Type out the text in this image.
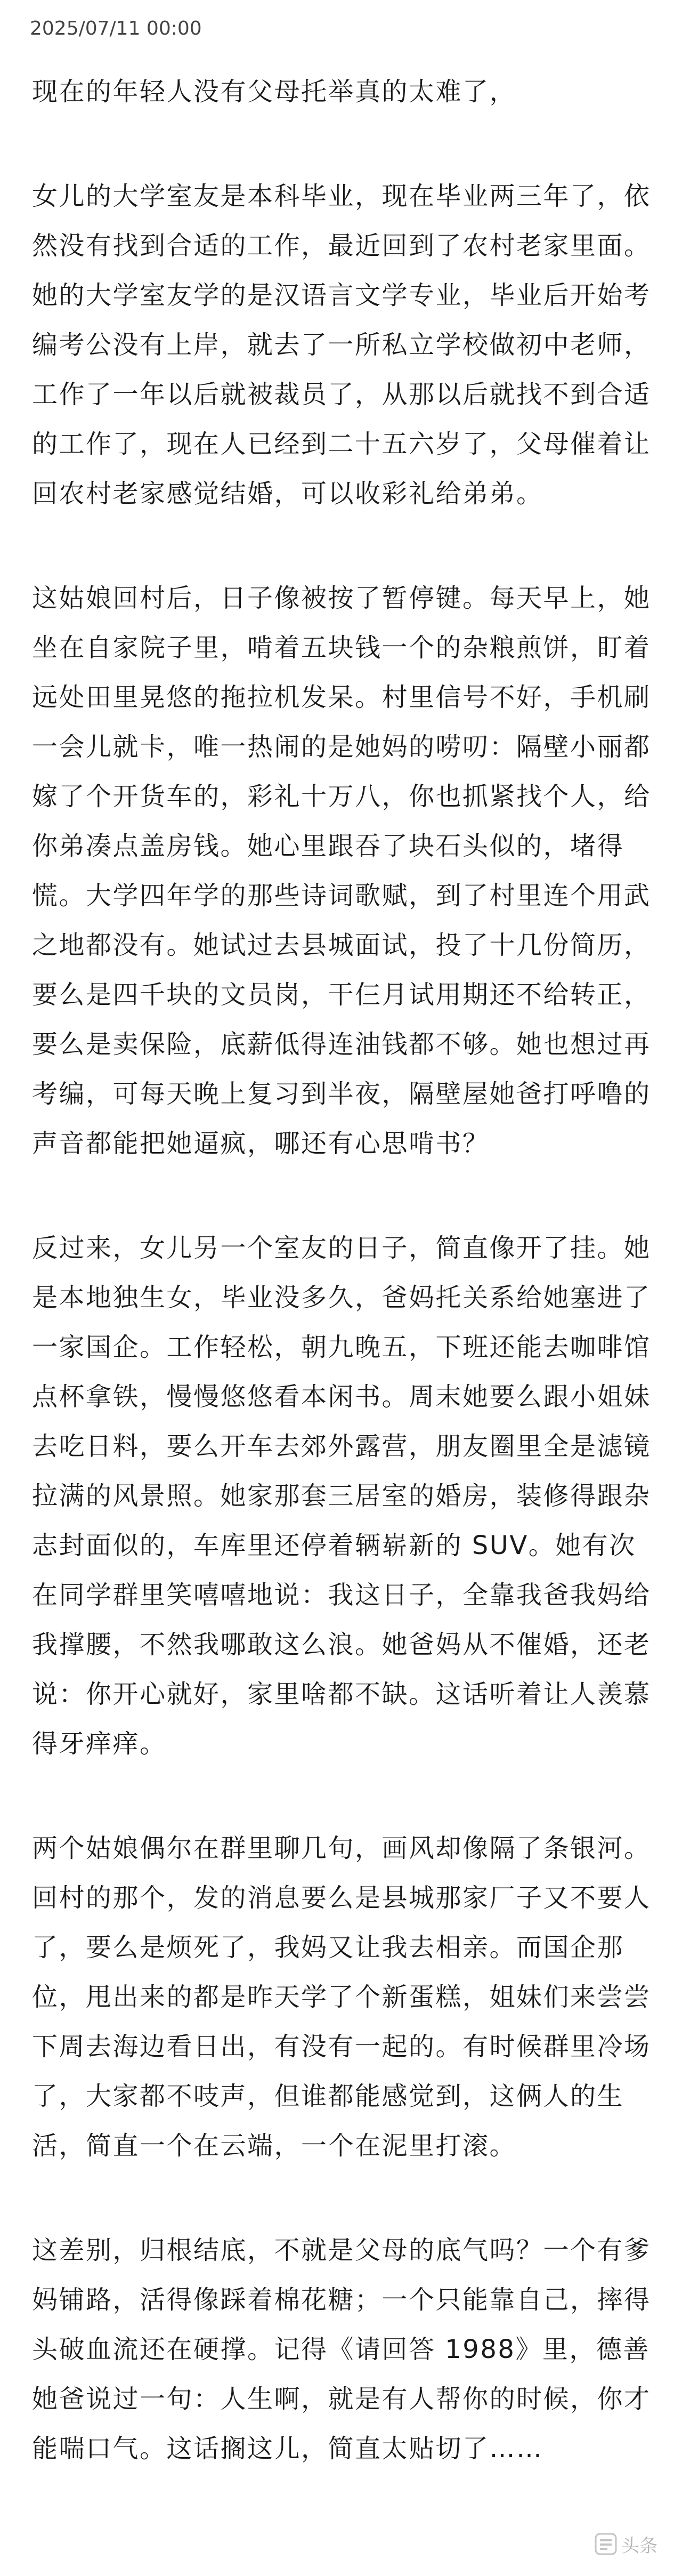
2025/07/11 00:00

现在的年轻人没有父母托举真的太难了，

女儿的大学室友是本科毕业，现在毕业两三年了，依然没有找到合适的工作，最近回到了农村老家里面。她的大学室友学的是汉语言文学专业，毕业后开始考编考公没有上岸，就去了一所私立学校做初中老师，工作了一年以后就被裁员了，从那以后就找不到合适的工作了，现在人已经到二十五六岁了，父母催着让回农村老家感觉结婚，可以收彩礼给弟弟。

这姑娘回村后，日子像被按了暂停键。每天早上，她坐在自家院子里，啃着五块钱一个的杂粮煎饼，盯着远处田里晃悠的拖拉机发呆。村里信号不好，手机刷一会儿就卡，唯一热闹的是她妈的唠叨：隔壁小丽都嫁了个开货车的，彩礼十万八，你也抓紧找个人，给你弟凑点盖房钱。她心里跟吞了块石头似的，堵得慌。大学四年学的那些诗词歌赋，到了村里连个用武之地都没有。她试过去县城面试，投了十几份简历，要么是四千块的文员岗，干仨月试用期还不给转正，要么是卖保险，底薪低得连油钱都不够。她也想过再考编，可每天晚上复习到半夜，隔壁屋她爸打呼噜的声音都能把她逼疯，哪还有心思啃书？

反过来，女儿另一个室友的日子，简直像开了挂。她是本地独生女，毕业没多久，爸妈托关系给她塞进了一家国企。工作轻松，朝九晚五，下班还能去咖啡馆点杯拿铁，慢慢悠悠看本闲书。周末她要么跟小姐妹去吃日料，要么开车去郊外露营，朋友圈里全是滤镜拉满的风景照。她家那套三居室的婚房，装修得跟杂志封面似的，车库里还停着辆崭新的 SUV。她有次在同学群里笑嘻嘻地说：我这日子，全靠我爸我妈给我撑腰，不然我哪敢这么浪。她爸妈从不催婚，还老说：你开心就好，家里啥都不缺。这话听着让人羡慕得牙痒痒。

两个姑娘偶尔在群里聊几句，画风却像隔了条银河。回村的那个，发的消息要么是县城那家厂子又不要人了，要么是烦死了，我妈又让我去相亲。而国企那位，甩出来的都是昨天学了个新蛋糕，姐妹们来尝尝下周去海边看日出，有没有一起的。有时候群里冷场了，大家都不吱声，但谁都能感觉到，这俩人的生活，简直一个在云端，一个在泥里打滚。

这差别，归根结底，不就是父母的底气吗？一个有爹妈铺路，活得像踩着棉花糖；一个只能靠自己，摔得头破血流还在硬撑。记得《请回答 1988》里，德善她爸说过一句：人生啊，就是有人帮你的时候，你才能喘口气。这话搁这儿，简直太贴切了……

头条
